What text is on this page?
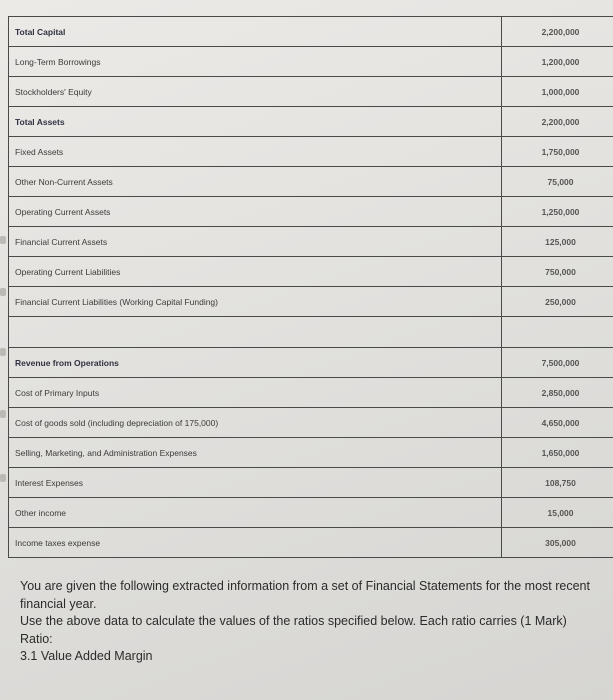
Total Capital	2,200,000
Long-Term Borrowings	1,200,000
Stockholders' Equity	1,000,000
Total Assets	2,200,000
Fixed Assets	1,750,000
Other Non-Current Assets	75,000
Operating Current Assets	1,250,000
Financial Current Assets	125,000
Operating Current Liabilities	750,000
Financial Current Liabilities (Working Capital Funding)	250,000

Revenue from Operations	7,500,000
Cost of Primary Inputs	2,850,000
Cost of goods sold (including depreciation of 175,000)	4,650,000
Selling, Marketing, and Administration Expenses	1,650,000
Interest Expenses	108,750
Other income	15,000
Income taxes expense	305,000

You are given the following extracted information from a set of Financial Statements for the most recent financial year.

Use the above data to calculate the values of the ratios specified below. Each ratio carries (1 Mark)

Ratio:

3.1 Value Added Margin
